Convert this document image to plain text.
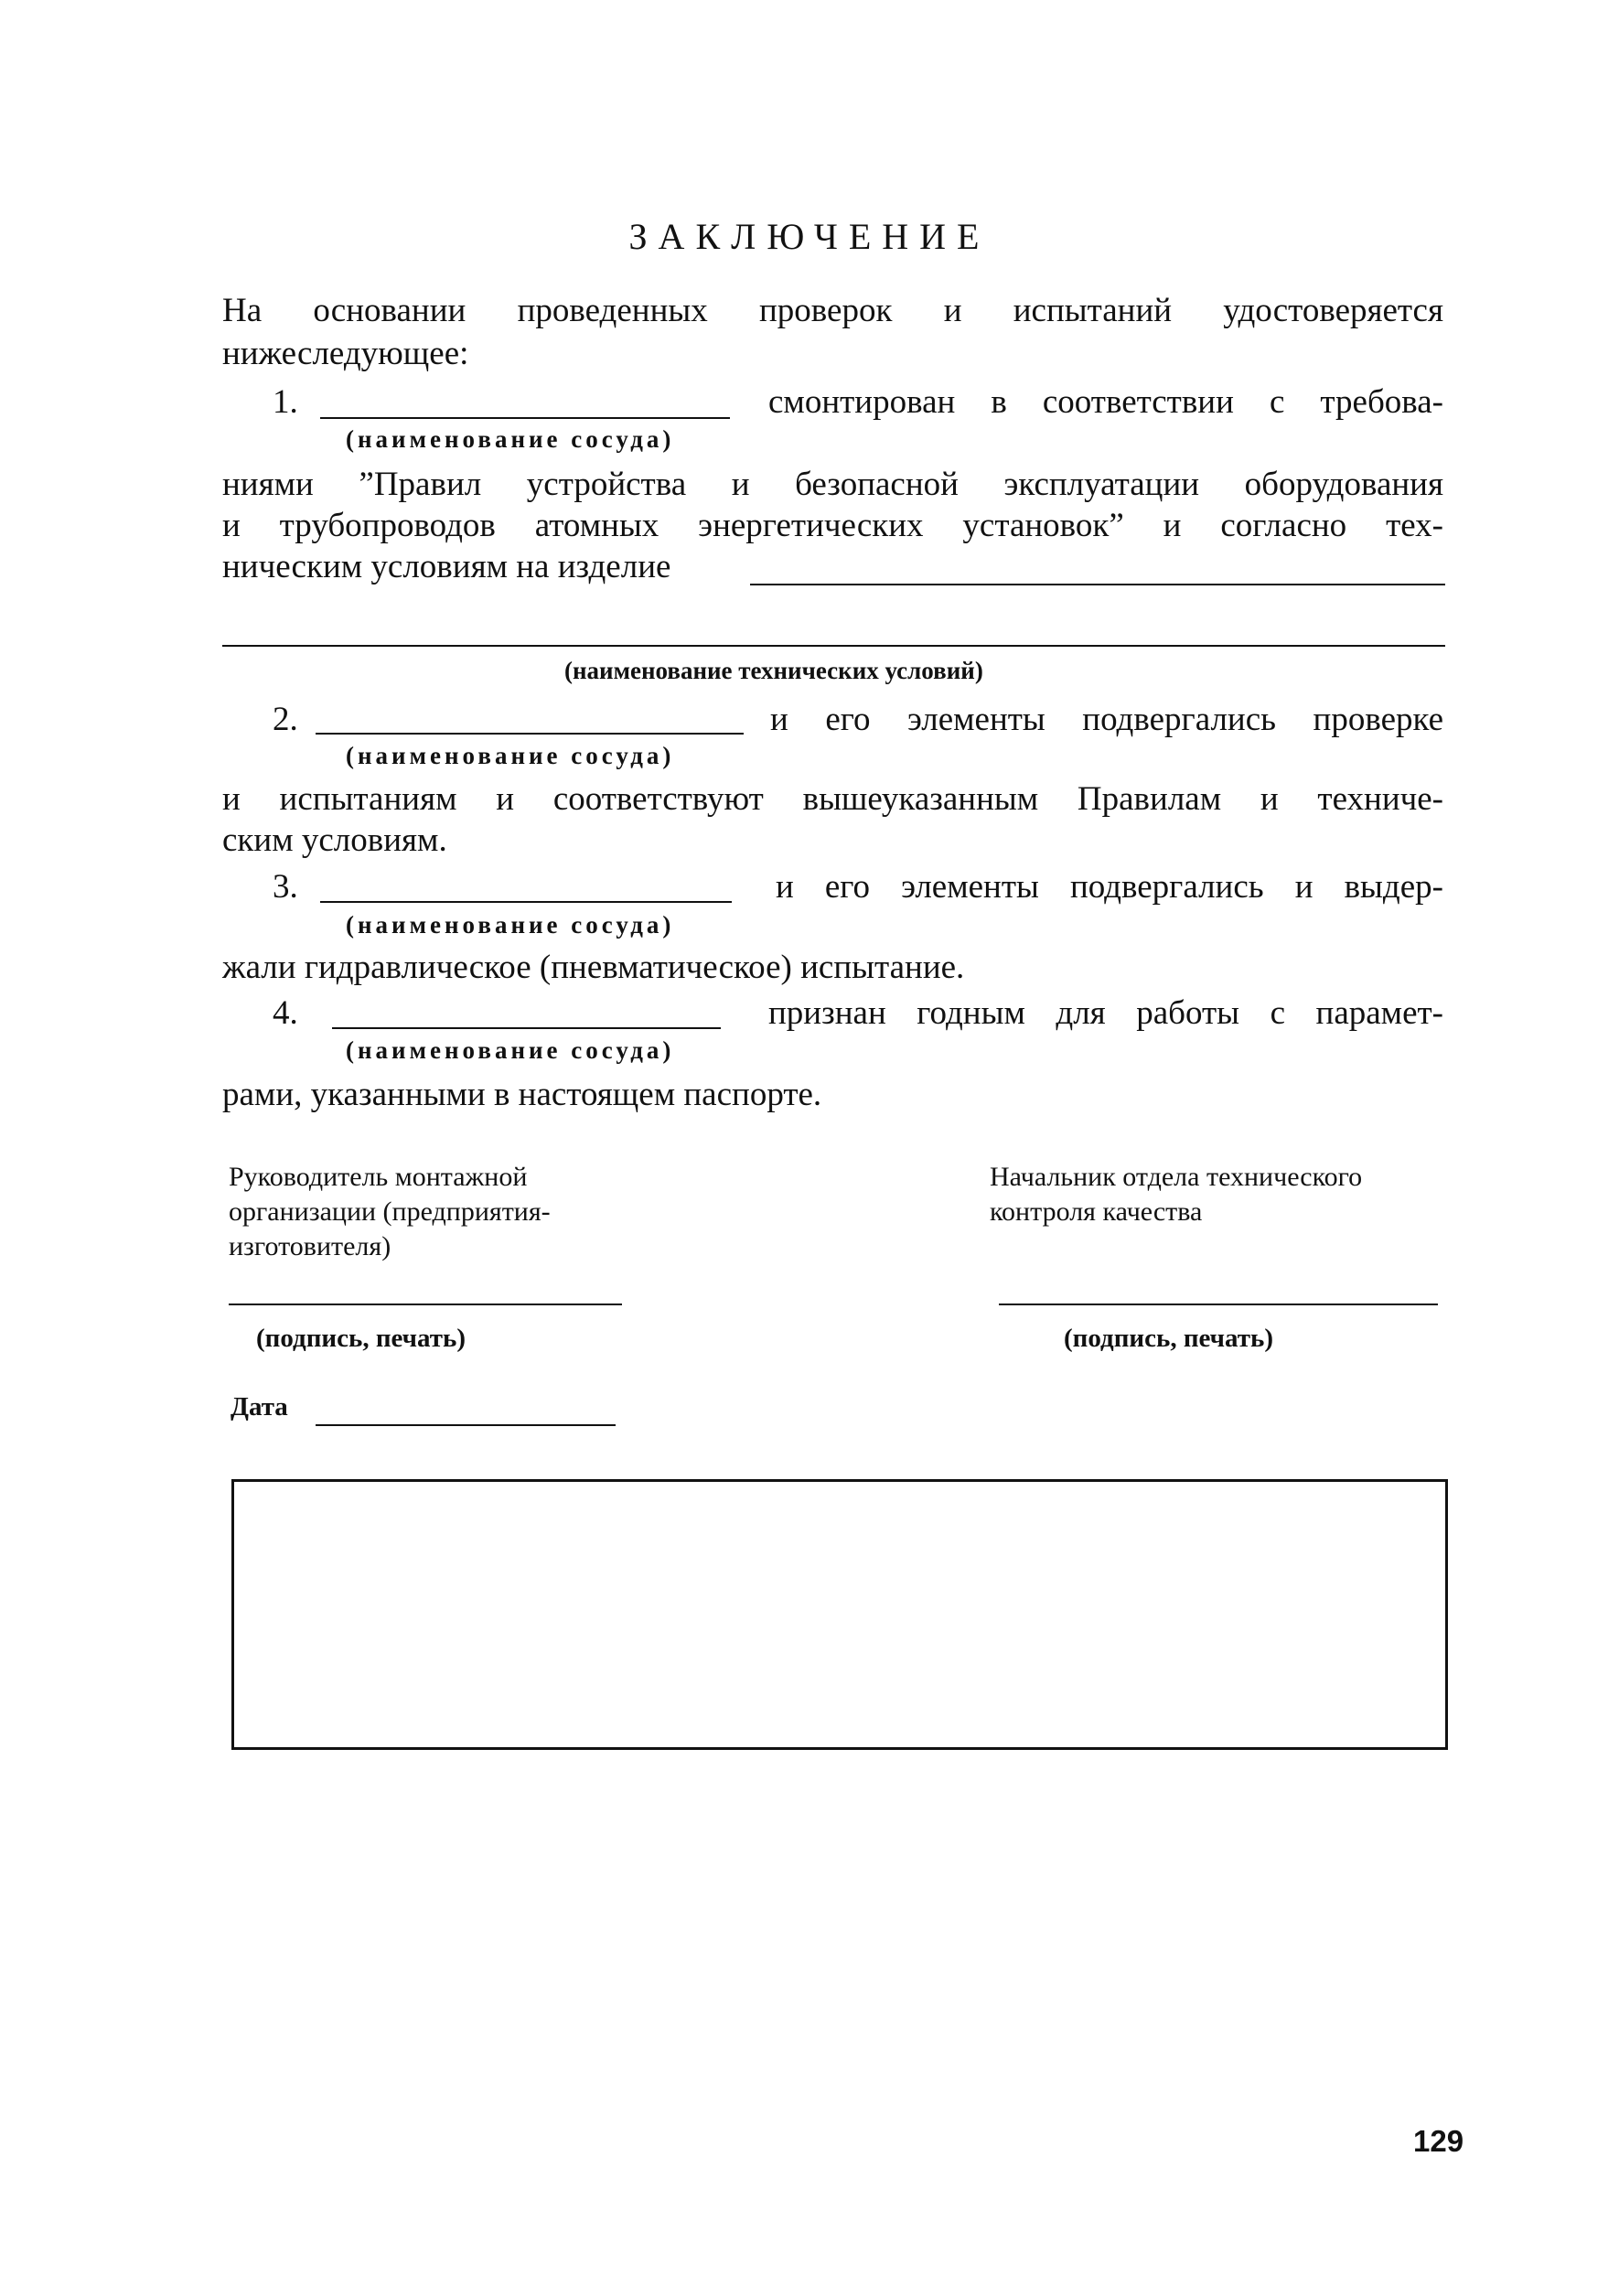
ЗАКЛЮЧЕНИЕ
На основании проведенных проверок и испытаний удостоверяется
нижеследующее:
1.	смонтирован в соответствии с требова-
(наименование сосуда)
ниями ”Правил устройства и безопасной эксплуатации оборудования
и трубопроводов атомных энергетических установок” и согласно тех-
ническим условиям на изделие
(наименование технических условий)
2.	и его элементы подвергались проверке
(наименование сосуда)
и испытаниям и соответствуют вышеуказанным Правилам и техниче-
ским условиям.
3.	и его элементы подвергались и выдер-
(наименование сосуда)
жали гидравлическое (пневматическое) испытание.
4.	признан годным для работы с парамет-
(наименование сосуда)
рами, указанными в настоящем паспорте.
Руководитель монтажной организации (предприятия-изготовителя)
(подпись, печать)
Начальник отдела технического контроля качества
(подпись, печать)
Дата
129
